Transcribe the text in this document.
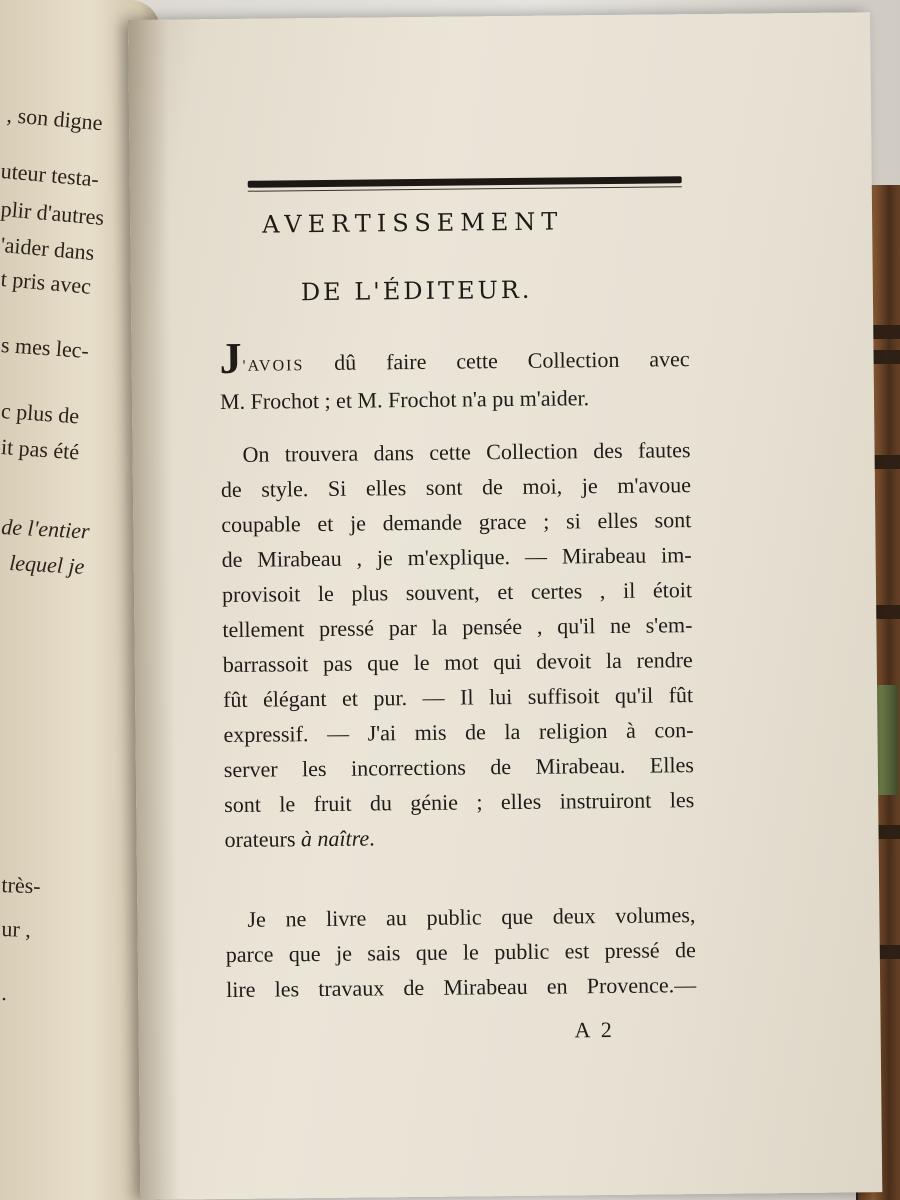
, son digne
uteur testa-
plir d'autres
'aider dans
t pris avec
s mes lec-
c plus de
it pas été
de l'entier
lequel je
très-
ur ,
.
AVERTISSEMENT
DE L'ÉDITEUR.
J'AVOIS dû faire cette Collection avec
M. Frochot ; et M. Frochot n'a pu m'aider.
On trouvera dans cette Collection des fautes
de style. Si elles sont de moi, je m'avoue
coupable et je demande grace ; si elles sont
de Mirabeau , je m'explique. — Mirabeau im-
provisoit le plus souvent, et certes , il étoit
tellement pressé par la pensée , qu'il ne s'em-
barrassoit pas que le mot qui devoit la rendre
fût élégant et pur. — Il lui suffisoit qu'il fût
expressif. — J'ai mis de la religion à con-
server les incorrections de Mirabeau. Elles
sont le fruit du génie ; elles instruiront les
orateurs à naître.
Je ne livre au public que deux volumes,
parce que je sais que le public est pressé de
lire les travaux de Mirabeau en Provence.—
A 2
